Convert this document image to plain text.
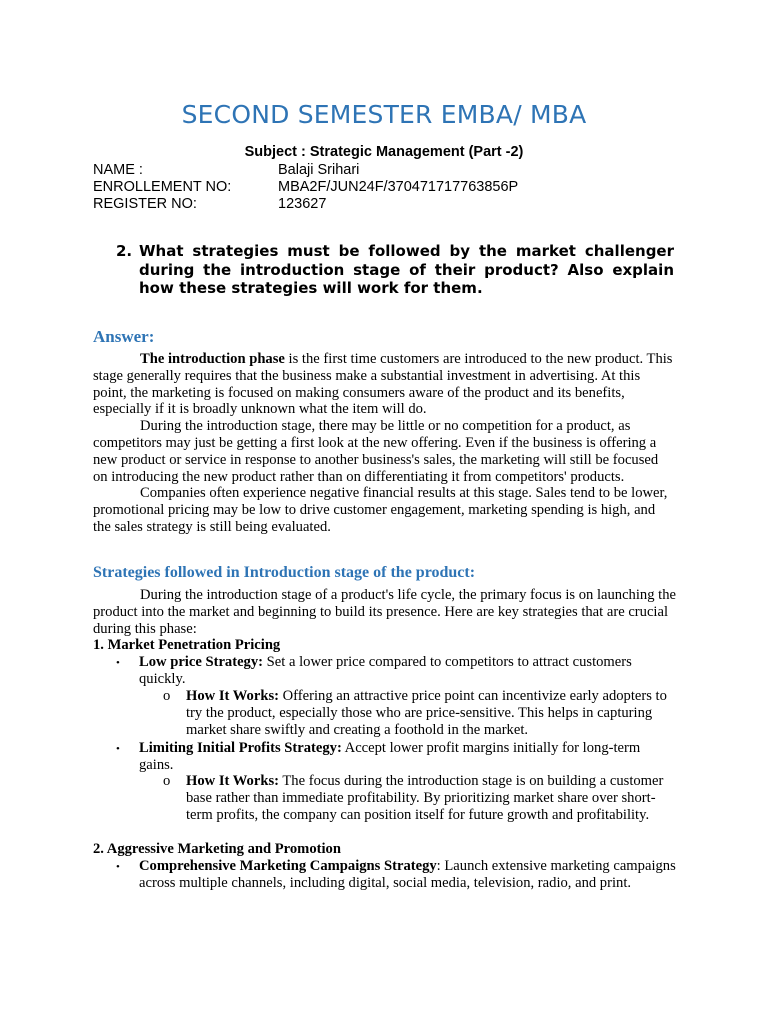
SECOND SEMESTER EMBA/ MBA
Subject : Strategic Management (Part -2)
NAME :	Balaji Srihari
ENROLLEMENT NO:	MBA2F/JUN24F/370471717763856P
REGISTER NO:	123627
2. What strategies must be followed by the market challenger during the introduction stage of their product? Also explain how these strategies will work for them.
Answer:

The introduction phase is the first time customers are introduced to the new product. This stage generally requires that the business make a substantial investment in advertising. At this point, the marketing is focused on making consumers aware of the product and its benefits, especially if it is broadly unknown what the item will do.

During the introduction stage, there may be little or no competition for a product, as competitors may just be getting a first look at the new offering. Even if the business is offering a new product or service in response to another business's sales, the marketing will still be focused on introducing the new product rather than on differentiating it from competitors' products.

Companies often experience negative financial results at this stage. Sales tend to be lower, promotional pricing may be low to drive customer engagement, marketing spending is high, and the sales strategy is still being evaluated.

Strategies followed in Introduction stage of the product:

During the introduction stage of a product's life cycle, the primary focus is on launching the product into the market and beginning to build its presence. Here are key strategies that are crucial during this phase:

1. Market Penetration Pricing
• Low price Strategy: Set a lower price compared to competitors to attract customers quickly.
o How It Works: Offering an attractive price point can incentivize early adopters to try the product, especially those who are price-sensitive. This helps in capturing market share swiftly and creating a foothold in the market.
• Limiting Initial Profits Strategy: Accept lower profit margins initially for long-term gains.
o How It Works: The focus during the introduction stage is on building a customer base rather than immediate profitability. By prioritizing market share over short-term profits, the company can position itself for future growth and profitability.
2. Aggressive Marketing and Promotion
• Comprehensive Marketing Campaigns Strategy: Launch extensive marketing campaigns across multiple channels, including digital, social media, television, radio, and print.
